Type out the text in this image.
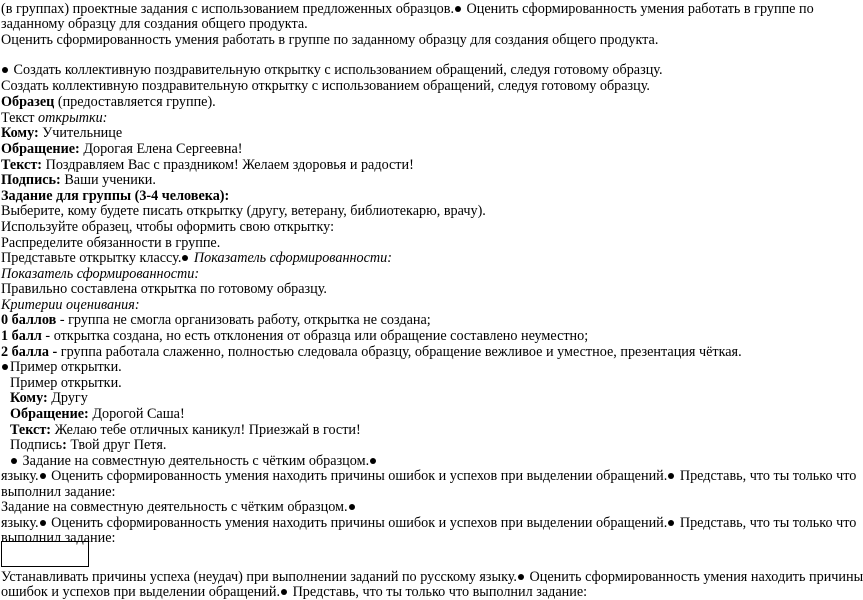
(в группах) проектные задания с использованием предложенных образцов. Оценить сформированность умения работать в группе по
заданному образцу для создания общего продукта.
Оценить сформированность умения работать в группе по заданному образцу для создания общего продукта.
Создать коллективную поздравительную открытку с использованием обращений, следуя готовому образцу.
Создать коллективную поздравительную открытку с использованием обращений, следуя готовому образцу.
Образец (предоставляется группе).
Текст открытки:
Кому: Учительнице
Обращение: Дорогая Елена Сергеевна!
Текст: Поздравляем Вас с праздником! Желаем здоровья и радости!
Подпись: Ваши ученики.
Задание для группы (3-4 человека):
Выберите, кому будете писать открытку (другу, ветерану, библиотекарю, врачу).
Используйте образец, чтобы оформить свою открытку:
Распределите обязанности в группе.
Представьте открытку классу. Показатель сформированности:
Показатель сформированности:
Правильно составлена открытка по готовому образцу.
Критерии оценивания:
0 баллов - группа не смогла организовать работу, открытка не создана;
1 балл - открытка создана, но есть отклонения от образца или обращение составлено неуместно;
2 балла - группа работала слаженно, полностью следовала образцу, обращение вежливое и уместное, презентация чёткая.
Пример открытки.
Пример открытки.
Кому: Другу
Обращение: Дорогой Саша!
Текст: Желаю тебе отличных каникул! Приезжай в гости!
Подпись: Твой друг Петя.
Задание на совместную деятельность с чётким образцом.
языку. Оценить сформированность умения находить причины ошибок и успехов при выделении обращений. Представь, что ты только что
выполнил задание:
Задание на совместную деятельность с чётким образцом.
языку. Оценить сформированность умения находить причины ошибок и успехов при выделении обращений. Представь, что ты только что
выполнил задание:
Устанавливать причины успеха (неудач) при выполнении заданий по русскому языку. Оценить сформированность умения находить причины
ошибок и успехов при выделении обращений. Представь, что ты только что выполнил задание:
